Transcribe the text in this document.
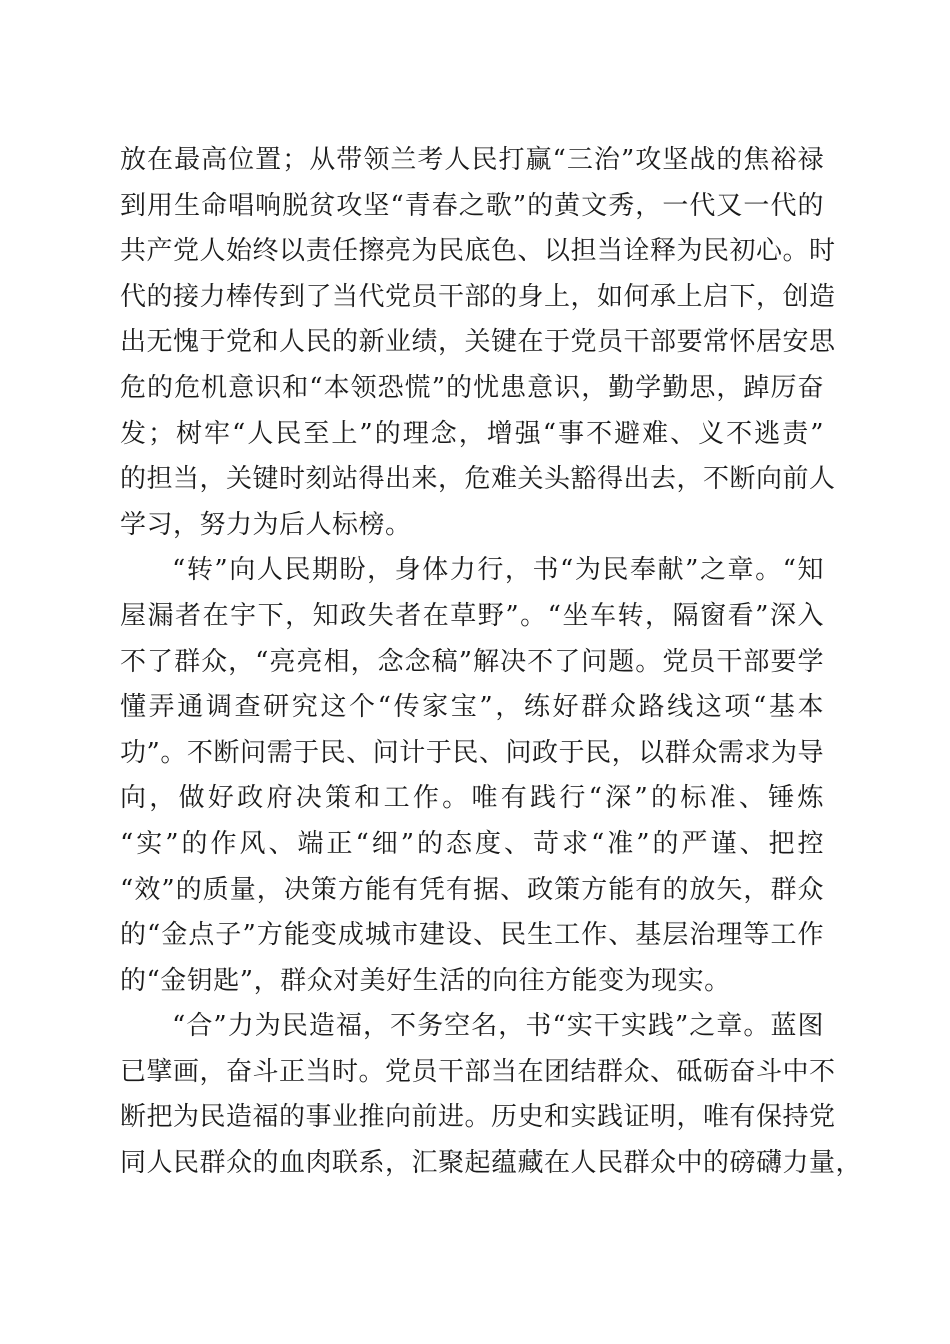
放在最高位置；从带领兰考人民打赢“三治”攻坚战的焦裕禄
到用生命唱响脱贫攻坚“青春之歌”的黄文秀，一代又一代的
共产党人始终以责任擦亮为民底色、以担当诠释为民初心。时
代的接力棒传到了当代党员干部的身上，如何承上启下，创造
出无愧于党和人民的新业绩，关键在于党员干部要常怀居安思
危的危机意识和“本领恐慌”的忧患意识，勤学勤思，踔厉奋
发；树牢“人民至上”的理念，增强“事不避难、义不逃责”
的担当，关键时刻站得出来，危难关头豁得出去，不断向前人
学习，努力为后人标榜。
“转”向人民期盼，身体力行，书“为民奉献”之章。“知
屋漏者在宇下，知政失者在草野”。“坐车转，隔窗看”深入
不了群众，“亮亮相，念念稿”解决不了问题。党员干部要学
懂弄通调查研究这个“传家宝”，练好群众路线这项“基本
功”。不断问需于民、问计于民、问政于民，以群众需求为导
向，做好政府决策和工作。唯有践行“深”的标准、锤炼
“实”的作风、端正“细”的态度、苛求“准”的严谨、把控
“效”的质量，决策方能有凭有据、政策方能有的放矢，群众
的“金点子”方能变成城市建设、民生工作、基层治理等工作
的“金钥匙”，群众对美好生活的向往方能变为现实。
“合”力为民造福，不务空名，书“实干实践”之章。蓝图
已擘画，奋斗正当时。党员干部当在团结群众、砥砺奋斗中不
断把为民造福的事业推向前进。历史和实践证明，唯有保持党
同人民群众的血肉联系，汇聚起蕴藏在人民群众中的磅礴力量，
